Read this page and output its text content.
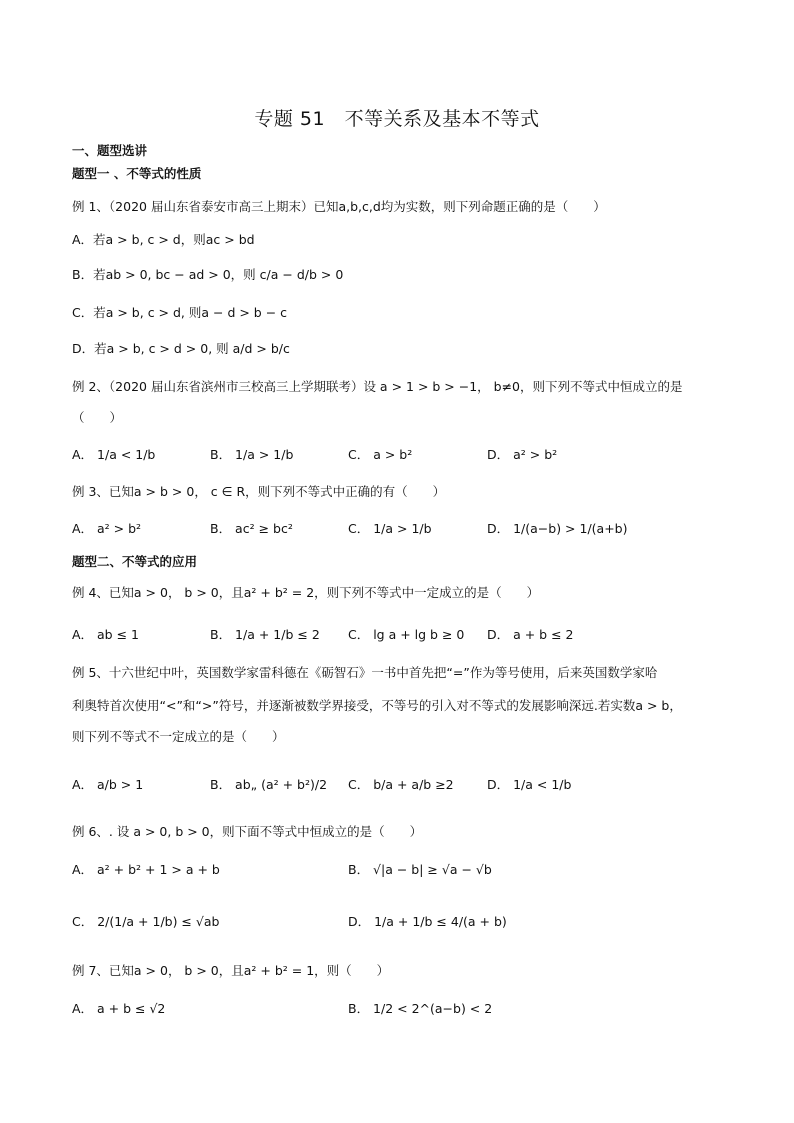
专题 51　不等关系及基本不等式
一、题型选讲
题型一 、不等式的性质
例 1、（2020 届山东省泰安市高三上期末）已知a,b,c,d均为实数，则下列命题正确的是（　　）
A．若a > b, c > d，则ac > bd
B．若ab > 0, bc − ad > 0，则 c/a − d/b > 0
C．若a > b, c > d, 则a − d > b − c
D．若a > b, c > d > 0, 则 a/d > b/c
例 2、（2020 届山东省滨州市三校高三上学期联考）设 a > 1 > b > −1， b≠0，则下列不等式中恒成立的是
（　　）
A． 1/a < 1/b	B． 1/a > 1/b	C． a > b²	D． a² > b²
例 3、已知a > b > 0， c ∈ R，则下列不等式中正确的有（　　）
A． a² > b²	B． ac² ≥ bc²	C． 1/a > 1/b	D． 1/(a−b) > 1/(a+b)
题型二、不等式的应用
例 4、已知a > 0， b > 0，且a² + b² = 2，则下列不等式中一定成立的是（　　）
A． ab ≤ 1	B． 1/a + 1/b ≤ 2 C． lg a + lg b ≥ 0 D． a + b ≤ 2
例 5、十六世纪中叶，英国数学家雷科德在《砺智石》一书中首先把“=”作为等号使用，后来英国数学家哈
利奥特首次使用“<”和“>”符号，并逐渐被数学界接受，不等号的引入对不等式的发展影响深远.若实数a > b，
则下列不等式不一定成立的是（　　）
A． a/b > 1	B． ab„ (a² + b²)/2 C． b/a + a/b ≥2	D． 1/a < 1/b
例 6、. 设 a > 0, b > 0，则下面不等式中恒成立的是（　　）
A． a² + b² + 1 > a + b	B． √|a − b| ≥ √a − √b
C． 2/(1/a + 1/b) ≤ √ab	D． 1/a + 1/b ≤ 4/(a + b)
例 7、已知a > 0， b > 0，且a² + b² = 1，则（　　）
A． a + b ≤ √2	B． 1/2 < 2^(a−b) < 2
